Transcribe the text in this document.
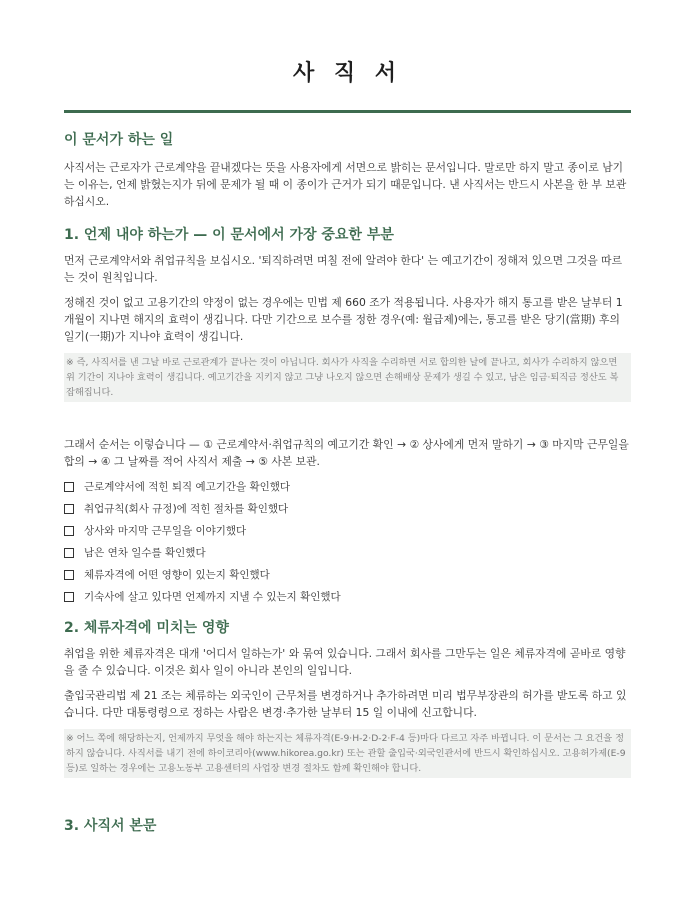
사 직 서
이 문서가 하는 일

사직서는 근로자가 근로계약을 끝내겠다는 뜻을 사용자에게 서면으로 밝히는 문서입니다. 말로만 하지 말고 종이로 남기는 이유는, 언제 밝혔는지가 뒤에 문제가 될 때 이 종이가 근거가 되기 때문입니다. 낸 사직서는 반드시 사본을 한 부 보관하십시오.

1. 언제 내야 하는가 — 이 문서에서 가장 중요한 부분

먼저 근로계약서와 취업규칙을 보십시오. '퇴직하려면 며칠 전에 알려야 한다' 는 예고기간이 정해져 있으면 그것을 따르는 것이 원칙입니다.

정해진 것이 없고 고용기간의 약정이 없는 경우에는 민법 제 660 조가 적용됩니다. 사용자가 해지 통고를 받은 날부터 1 개월이 지나면 해지의 효력이 생깁니다. 다만 기간으로 보수를 정한 경우(예: 월급제)에는, 통고를 받은 당기(當期) 후의 일기(一期)가 지나야 효력이 생깁니다.

※ 즉, 사직서를 낸 그날 바로 근로관계가 끝나는 것이 아닙니다. 회사가 사직을 수리하면 서로 합의한 날에 끝나고, 회사가 수리하지 않으면 위 기간이 지나야 효력이 생깁니다. 예고기간을 지키지 않고 그냥 나오지 않으면 손해배상 문제가 생길 수 있고, 남은 임금·퇴직금 정산도 복잡해집니다.

그래서 순서는 이렇습니다 — ① 근로계약서·취업규칙의 예고기간 확인 → ② 상사에게 먼저 말하기 → ③ 마지막 근무일을 합의 → ④ 그 날짜를 적어 사직서 제출 → ⑤ 사본 보관.

근로계약서에 적힌 퇴직 예고기간을 확인했다
취업규칙(회사 규정)에 적힌 절차를 확인했다
상사와 마지막 근무일을 이야기했다
남은 연차 일수를 확인했다
체류자격에 어떤 영향이 있는지 확인했다
기숙사에 살고 있다면 언제까지 지낼 수 있는지 확인했다
2. 체류자격에 미치는 영향

취업을 위한 체류자격은 대개 '어디서 일하는가' 와 묶여 있습니다. 그래서 회사를 그만두는 일은 체류자격에 곧바로 영향을 줄 수 있습니다. 이것은 회사 일이 아니라 본인의 일입니다.

출입국관리법 제 21 조는 체류하는 외국인이 근무처를 변경하거나 추가하려면 미리 법무부장관의 허가를 받도록 하고 있습니다. 다만 대통령령으로 정하는 사람은 변경·추가한 날부터 15 일 이내에 신고합니다.

※ 어느 쪽에 해당하는지, 언제까지 무엇을 해야 하는지는 체류자격(E-9·H-2·D-2·F-4 등)마다 다르고 자주 바뀝니다. 이 문서는 그 요건을 정하지 않습니다. 사직서를 내기 전에 하이코리아(www.hikorea.go.kr) 또는 관할 출입국·외국인관서에 반드시 확인하십시오. 고용허가제(E-9 등)로 일하는 경우에는 고용노동부 고용센터의 사업장 변경 절차도 함께 확인해야 합니다.

3. 사직서 본문
